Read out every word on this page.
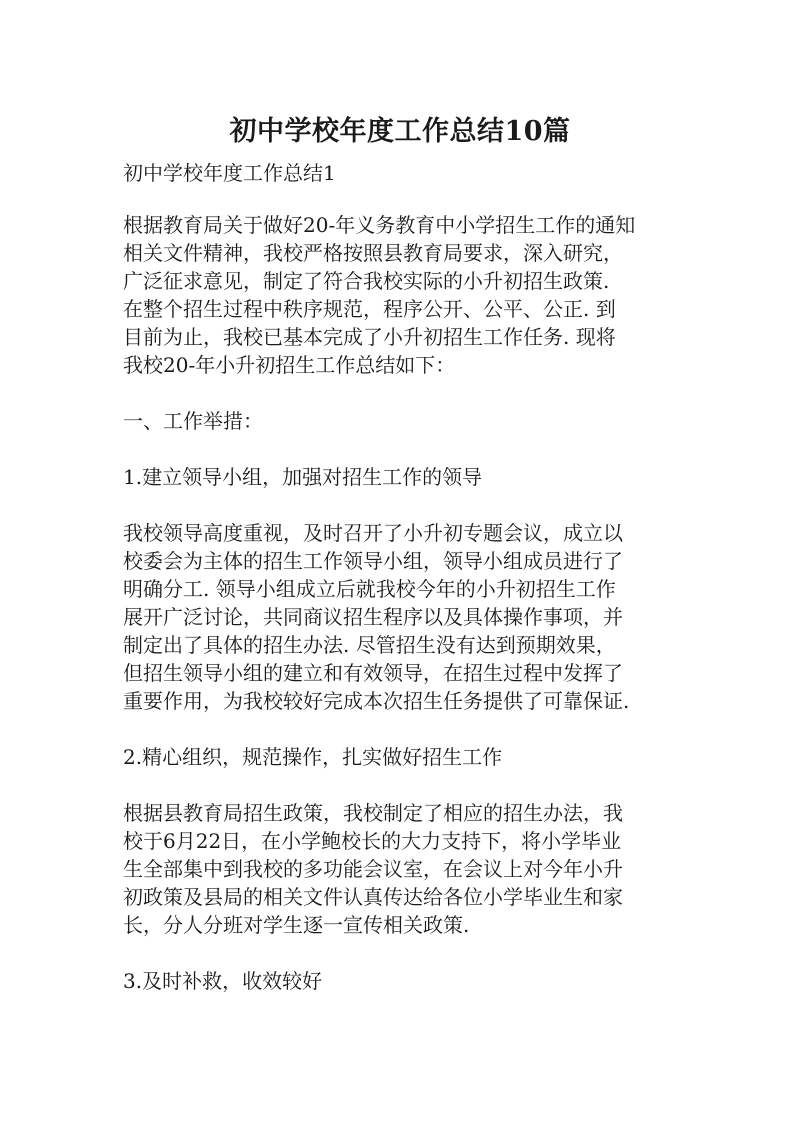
初中学校年度工作总结10篇

初中学校年度工作总结1

根据教育局关于做好20-年义务教育中小学招生工作的通知

相关文件精神，我校严格按照县教育局要求，深入研究，

广泛征求意见，制定了符合我校实际的小升初招生政策.

在整个招生过程中秩序规范，程序公开、公平、公正. 到

目前为止，我校已基本完成了小升初招生工作任务. 现将

我校20-年小升初招生工作总结如下：

一、工作举措：

1.建立领导小组，加强对招生工作的领导

我校领导高度重视，及时召开了小升初专题会议，成立以

校委会为主体的招生工作领导小组，领导小组成员进行了

明确分工. 领导小组成立后就我校今年的小升初招生工作

展开广泛讨论，共同商议招生程序以及具体操作事项，并

制定出了具体的招生办法. 尽管招生没有达到预期效果，

但招生领导小组的建立和有效领导，在招生过程中发挥了

重要作用，为我校较好完成本次招生任务提供了可靠保证.

2.精心组织，规范操作，扎实做好招生工作

根据县教育局招生政策，我校制定了相应的招生办法，我

校于6月22日，在小学鲍校长的大力支持下，将小学毕业

生全部集中到我校的多功能会议室，在会议上对今年小升

初政策及县局的相关文件认真传达给各位小学毕业生和家

长，分人分班对学生逐一宣传相关政策.

3.及时补救，收效较好
